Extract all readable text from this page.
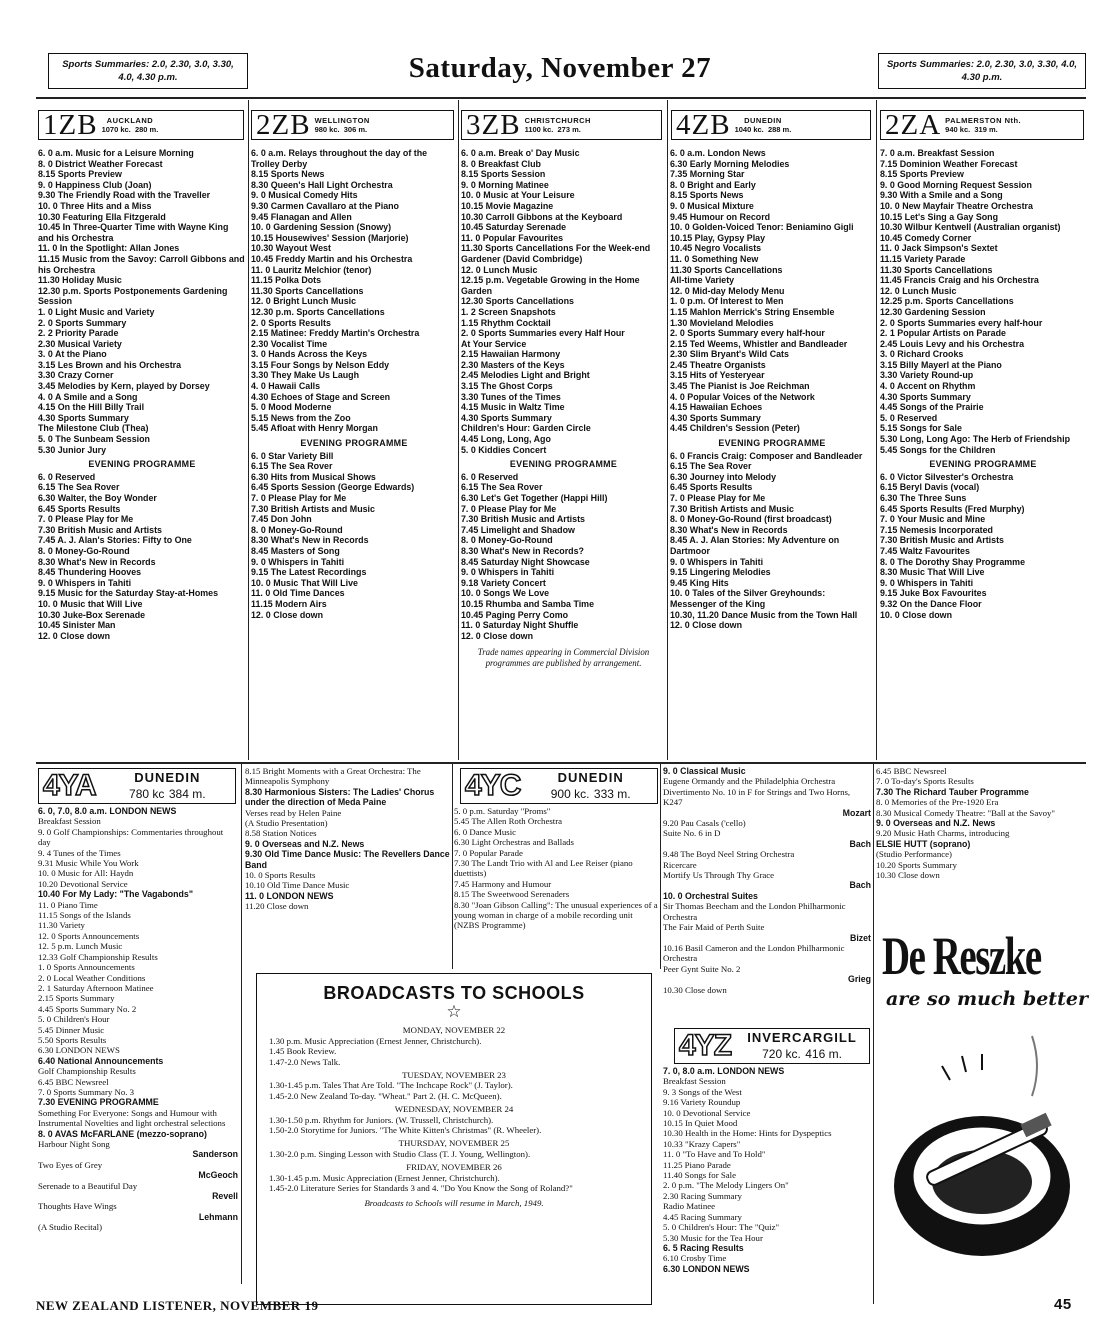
Sports Summaries: 2.0, 2.30, 3.0, 3.30, 4.0, 4.30 p.m.	Saturday, November 27	Sports Summaries: 2.0, 2.30, 3.0, 3.30, 4.0, 4.30 p.m.
1ZB	AUCKLAND
1070 kc. 280 m.	2ZB WELLINGTON
980 kc. 306 m.	3ZB CHRISTCHURCH
1100 kc. 273 m.	4ZB	DUNEDIN
1040 kc. 288 m.	2ZA PALMERSTON Nth.
940 kc. 319 m.
6. 0 a.m. Music for a Leisure Morning
8. 0 District Weather Forecast
8.15 Sports Preview
9. 0 Happiness Club (Joan)
9.30 The Friendly Road with the Traveller
10. 0 Three Hits and a Miss
10.30 Featuring Ella Fitzgerald
10.45 In Three-Quarter Time with Wayne King and his Orchestra
11. 0 In the Spotlight: Allan Jones
11.15 Music from the Savoy: Carroll Gibbons and his Orchestra
11.30 Holiday Music
12.30 p.m. Sports Postponements Gardening Session
1. 0 Light Music and Variety
2. 0 Sports Summary
2. 2 Priority Parade
2.30 Musical Variety
3. 0 At the Piano
3.15 Les Brown and his Orchestra
3.30 Crazy Corner
3.45 Melodies by Kern, played by Dorsey
4. 0 A Smile and a Song
4.15 On the Hill Billy Trail
4.30 Sports Summary
The Milestone Club (Thea)
5. 0 The Sunbeam Session
5.30 Junior Jury
EVENING PROGRAMME
6. 0 Reserved
6.15 The Sea Rover
6.30 Walter, the Boy Wonder
6.45 Sports Results
7. 0 Please Play for Me
7.30 British Music and Artists
7.45 A. J. Alan's Stories: Fifty to One
8. 0 Money-Go-Round
8.30 What's New in Records
8.45 Thundering Hooves
9. 0 Whispers in Tahiti
9.15 Music for the Saturday Stay-at-Homes
10. 0 Music that Will Live
10.30 Juke-Box Serenade
10.45 Sinister Man
12. 0 Close down
6. 0 a.m. Relays throughout the day of the Trolley Derby
8.15 Sports News
8.30 Queen's Hall Light Orchestra
9. 0 Musical Comedy Hits
9.30 Carmen Cavallaro at the Piano
9.45 Flanagan and Allen
10. 0 Gardening Session (Snowy)
10.15 Housewives' Session (Marjorie)
10.30 Wayout West
10.45 Freddy Martin and his Orchestra
11. 0 Lauritz Melchior (tenor)
11.15 Polka Dots
11.30 Sports Cancellations
12. 0 Bright Lunch Music
12.30 p.m. Sports Cancellations
2. 0 Sports Results
2.15 Matinee: Freddy Martin's Orchestra
2.30 Vocalist Time
3. 0 Hands Across the Keys
3.15 Four Songs by Nelson Eddy
3.30 They Make Us Laugh
4. 0 Hawaii Calls
4.30 Echoes of Stage and Screen
5. 0 Mood Moderne
5.15 News from the Zoo
5.45 Afloat with Henry Morgan
EVENING PROGRAMME
6. 0 Star Variety Bill
6.15 The Sea Rover
6.30 Hits from Musical Shows
6.45 Sports Session (George Edwards)
7. 0 Please Play for Me
7.30 British Artists and Music
7.45 Don John
8. 0 Money-Go-Round
8.30 What's New in Records
8.45 Masters of Song
9. 0 Whispers in Tahiti
9.15 The Latest Recordings
10. 0 Music That Will Live
11. 0 Old Time Dances
11.15 Modern Airs
12. 0 Close down
6. 0 a.m. Break o' Day Music
8. 0 Breakfast Club
8.15 Sports Session
9. 0 Morning Matinee
10. 0 Music at Your Leisure
10.15 Movie Magazine
10.30 Carroll Gibbons at the Keyboard
10.45 Saturday Serenade
11. 0 Popular Favourites
11.30 Sports Cancellations For the Week-end Gardener (David Combridge)
12. 0 Lunch Music
12.15 p.m. Vegetable Growing in the Home Garden
12.30 Sports Cancellations
1. 2 Screen Snapshots
1.15 Rhythm Cocktail
2. 0 Sports Summaries every Half Hour
At Your Service
2.15 Hawaiian Harmony
2.30 Masters of the Keys
2.45 Melodies Light and Bright
3.15 The Ghost Corps
3.30 Tunes of the Times
4.15 Music in Waltz Time
4.30 Sports Summary
Children's Hour: Garden Circle
4.45 Long, Long, Ago
5. 0 Kiddies Concert
EVENING PROGRAMME
6. 0 Reserved
6.15 The Sea Rover
6.30 Let's Get Together (Happi Hill)
7. 0 Please Play for Me
7.30 British Music and Artists
7.45 Limelight and Shadow
8. 0 Money-Go-Round
8.30 What's New in Records?
8.45 Saturday Night Showcase
9. 0 Whispers in Tahiti
9.18 Variety Concert
10. 0 Songs We Love
10.15 Rhumba and Samba Time
10.45 Paging Perry Como
11. 0 Saturday Night Shuffle
12. 0 Close down
Trade names appearing in Commercial Division programmes are published by arrangement.
6. 0 a.m. London News
6.30 Early Morning Melodies
7.35 Morning Star
8. 0 Bright and Early
8.15 Sports News
9. 0 Musical Mixture
9.45 Humour on Record
10. 0 Golden-Voiced Tenor: Beniamino Gigli
10.15 Play, Gypsy Play
10.45 Negro Vocalists
11. 0 Something New
11.30 Sports Cancellations
All-time Variety
12. 0 Mid-day Melody Menu
1. 0 p.m. Of Interest to Men
1.15 Mahlon Merrick's String Ensemble
1.30 Movieland Melodies
2. 0 Sports Summary every half-hour
2.15 Ted Weems, Whistler and Bandleader
2.30 Slim Bryant's Wild Cats
2.45 Theatre Organists
3.15 Hits of Yesteryear
3.45 The Pianist is Joe Reichman
4. 0 Popular Voices of the Network
4.15 Hawaiian Echoes
4.30 Sports Summary
4.45 Children's Session (Peter)
EVENING PROGRAMME
6. 0 Francis Craig: Composer and Bandleader
6.15 The Sea Rover
6.30 Journey into Melody
6.45 Sports Results
7. 0 Please Play for Me
7.30 British Artists and Music
8. 0 Money-Go-Round (first broadcast)
8.30 What's New in Records
8.45 A. J. Alan Stories: My Adventure on Dartmoor
9. 0 Whispers in Tahiti
9.15 Lingering Melodies
9.45 King Hits
10. 0 Tales of the Silver Greyhounds: Messenger of the King
10.30, 11.20 Dance Music from the Town Hall
12. 0 Close down
7. 0 a.m. Breakfast Session
7.15 Dominion Weather Forecast
8.15 Sports Preview
9. 0 Good Morning Request Session
9.30 With a Smile and a Song
10. 0 New Mayfair Theatre Orchestra
10.15 Let's Sing a Gay Song
10.30 Wilbur Kentwell (Australian organist)
10.45 Comedy Corner
11. 0 Jack Simpson's Sextet
11.15 Variety Parade
11.30 Sports Cancellations
11.45 Francis Craig and his Orchestra
12. 0 Lunch Music
12.25 p.m. Sports Cancellations
12.30 Gardening Session
2. 0 Sports Summaries every half-hour
2. 1 Popular Artists on Parade
2.45 Louis Levy and his Orchestra
3. 0 Richard Crooks
3.15 Billy Mayerl at the Piano
3.30 Variety Round-up
4. 0 Accent on Rhythm
4.30 Sports Summary
4.45 Songs of the Prairie
5. 0 Reserved
5.15 Songs for Sale
5.30 Long, Long Ago: The Herb of Friendship
5.45 Songs for the Children
EVENING PROGRAMME
6. 0 Victor Silvester's Orchestra
6.15 Beryl Davis (vocal)
6.30 The Three Suns
6.45 Sports Results (Fred Murphy)
7. 0 Your Music and Mine
7.15 Nemesis Incorporated
7.30 British Music and Artists
7.45 Waltz Favourites
8. 0 The Dorothy Shay Programme
8.30 Music That Will Live
9. 0 Whispers in Tahiti
9.15 Juke Box Favourites
9.32 On the Dance Floor
10. 0 Close down
4YA	DUNEDIN
780 kc 384 m.
6. 0, 7.0, 8.0 a.m. LONDON NEWS
Breakfast Session
9. 0 Golf Championships: Commentaries throughout day
9. 4 Tunes of the Times
9.31 Music While You Work
10. 0 Music for All: Haydn
10.20 Devotional Service
10.40 For My Lady: "The Vagabonds"
11. 0 Piano Time
11.15 Songs of the Islands
11.30 Variety
12. 0 Sports Announcements
12. 5 p.m. Lunch Music
12.33 Golf Championship Results
1. 0 Sports Announcements
2. 0 Local Weather Conditions
2. 1 Saturday Afternoon Matinee
2.15 Sports Summary
4.45 Sports Summary No. 2
5. 0 Children's Hour
5.45 Dinner Music
5.50 Sports Results
6.30 LONDON NEWS
6.40 National Announcements
Golf Championship Results
6.45 BBC Newsreel
7. 0 Sports Summary No. 3
7.30 EVENING PROGRAMME
Something For Everyone: Songs and Humour with Instrumental Novelties and light orchestral selections
8. 0 AVAS McFARLANE (mezzo-soprano)
Harbour Night Song
Sanderson
Two Eyes of Grey
McGeoch
Serenade to a Beautiful Day
Revell
Thoughts Have Wings
Lehmann
(A Studio Recital)
8.15 Bright Moments with a Great Orchestra: The Minneapolis Symphony
8.30 Harmonious Sisters: The Ladies' Chorus under the direction of Meda Paine
Verses read by Helen Paine
(A Studio Presentation)
8.58 Station Notices
9. 0 Overseas and N.Z. News
9.30 Old Time Dance Music: The Revellers Dance Band
10. 0 Sports Results
10.10 Old Time Dance Music
11. 0 LONDON NEWS
11.20 Close down
4YC	DUNEDIN
900 kc. 333 m.
5. 0 p.m. Saturday "Proms"
5.45 The Allen Roth Orchestra
6. 0 Dance Music
6.30 Light Orchestras and Ballads
7. 0 Popular Parade
7.30 The Landt Trio with Al and Lee Reiser (piano duettists)
7.45 Harmony and Humour
8.15 The Sweetwood Serenaders
8.30 "Joan Gibson Calling": The unusual experiences of a young woman in charge of a mobile recording unit
(NZBS Programme)
9. 0 Classical Music
Eugene Ormandy and the Philadelphia Orchestra
Divertimento No. 10 in F for Strings and Two Horns, K247
Mozart
9.20 Pau Casals ('cello)
Suite No. 6 in D
Bach
9.48 The Boyd Neel String Orchestra
Ricercare
Mortify Us Through Thy Grace
Bach
10. 0 Orchestral Suites
Sir Thomas Beecham and the London Philharmonic Orchestra
The Fair Maid of Perth Suite
Bizet
10.16 Basil Cameron and the London Philharmonic Orchestra
Peer Gynt Suite No. 2
Grieg
10.30 Close down
4YZ	INVERCARGILL
720 kc. 416 m.
7. 0, 8.0 a.m. LONDON NEWS
Breakfast Session
9. 3 Songs of the West
9.16 Variety Roundup
10. 0 Devotional Service
10.15 In Quiet Mood
10.30 Health in the Home: Hints for Dyspeptics
10.33 "Krazy Capers"
11. 0 "To Have and To Hold"
11.25 Piano Parade
11.40 Songs for Sale
2. 0 p.m. "The Melody Lingers On"
2.30 Racing Summary
Radio Matinee
4.45 Racing Summary
5. 0 Children's Hour: The "Quiz"
5.30 Music for the Tea Hour
6. 5 Racing Results
6.10 Crosby Time
6.30 LONDON NEWS
6.45 BBC Newsreel
7. 0 To-day's Sports Results
7.30 The Richard Tauber Programme
8. 0 Memories of the Pre-1920 Era
8.30 Musical Comedy Theatre: "Ball at the Savoy"
9. 0 Overseas and N.Z. News
9.20 Music Hath Charms, introducing
ELSIE HUTT (soprano)
(Studio Performance)
10.20 Sports Summary
10.30 Close down
De Reszke
are so much better
BROADCASTS TO SCHOOLS
☆
MONDAY, NOVEMBER 22
1.30 p.m. Music Appreciation (Ernest Jenner, Christchurch).
1.45 Book Review.
1.47-2.0 News Talk.
TUESDAY, NOVEMBER 23
1.30-1.45 p.m. Tales That Are Told. "The Inchcape Rock" (J. Taylor).
1.45-2.0 New Zealand To-day. "Wheat." Part 2. (H. C. McQueen).
WEDNESDAY, NOVEMBER 24
1.30-1.50 p.m. Rhythm for Juniors. (W. Trussell, Christchurch).
1.50-2.0 Storytime for Juniors. "The White Kitten's Christmas" (R. Wheeler).
THURSDAY, NOVEMBER 25
1.30-2.0 p.m. Singing Lesson with Studio Class (T. J. Young, Wellington).
FRIDAY, NOVEMBER 26
1.30-1.45 p.m. Music Appreciation (Ernest Jenner, Christchurch).
1.45-2.0 Literature Series for Standards 3 and 4. "Do You Know the Song of Roland?"
Broadcasts to Schools will resume in March, 1949.
NEW ZEALAND LISTENER, NOVEMBER 19	45
